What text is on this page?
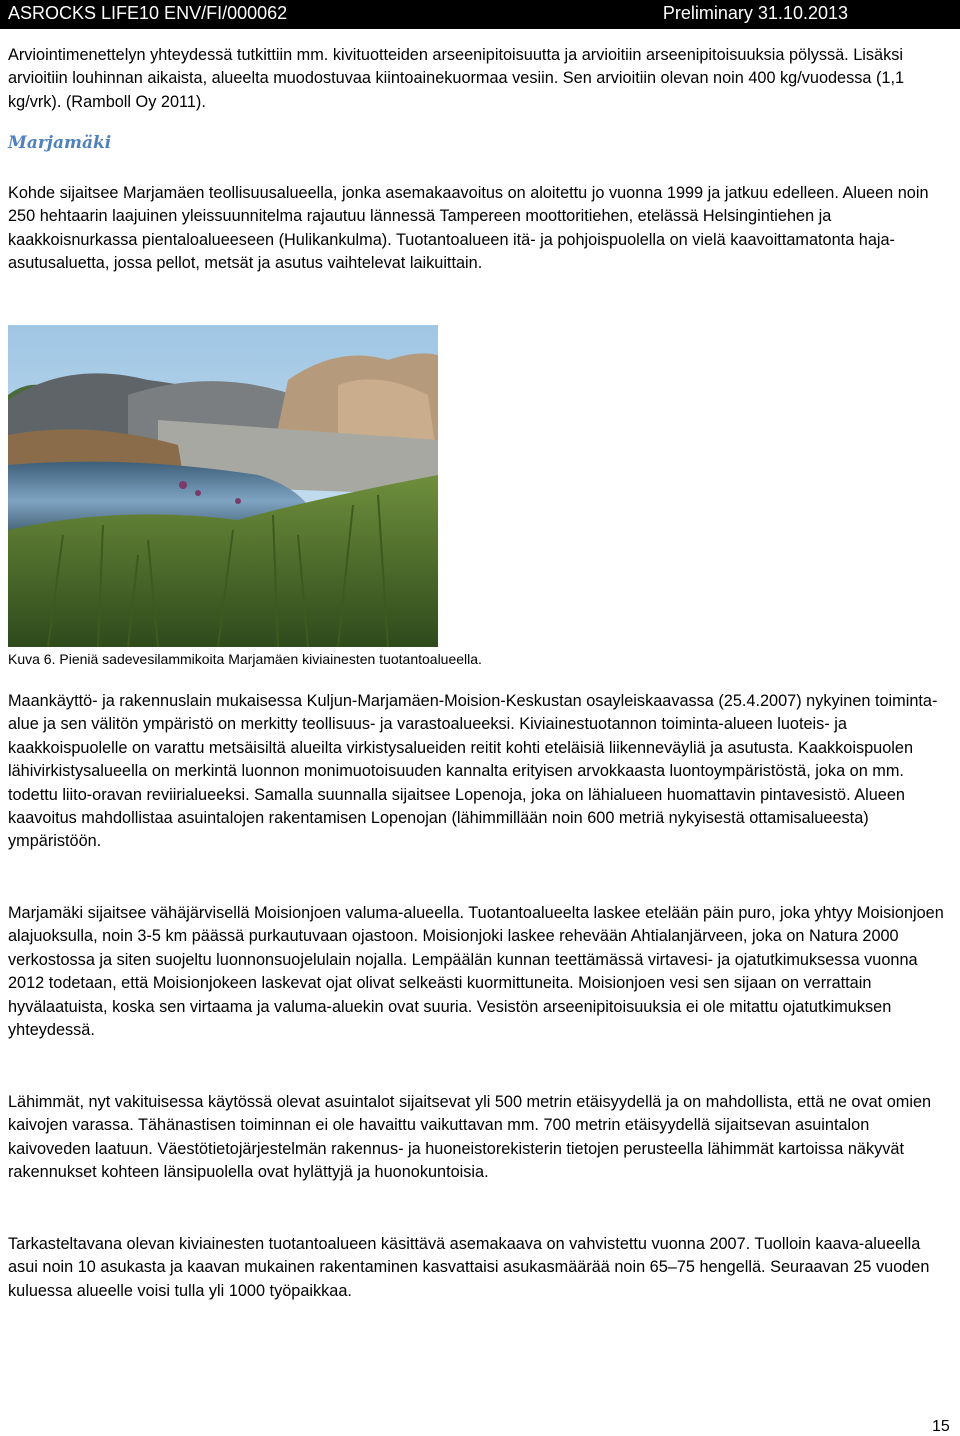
ASROCKS LIFE10 ENV/FI/000062	Preliminary 31.10.2013

Arviointimenettelyn yhteydessä tutkittiin mm. kivituotteiden arseenipitoisuutta ja arvioitiin arseenipitoisuuksia pölyssä. Lisäksi arvioitiin louhinnan aikaista, alueelta muodostuvaa kiintoainekuormaa vesiin. Sen arvioitiin olevan noin 400 kg/vuodessa (1,1 kg/vrk). (Ramboll Oy 2011).

Marjamäki

Kohde sijaitsee Marjamäen teollisuusalueella, jonka asemakaavoitus on aloitettu jo vuonna 1999 ja jatkuu edelleen. Alueen noin 250 hehtaarin laajuinen yleissuunnitelma rajautuu lännessä Tampereen moottoritiehen, etelässä Helsingintiehen ja kaakkoisnurkassa pientaloalueeseen (Hulikankulma). Tuotantoalueen itä- ja pohjoispuolella on vielä kaavoittamatonta haja-asutusaluetta, jossa pellot, metsät ja asutus vaihtelevat laikuittain.

Kuva 6. Pieniä sadevesilammikoita Marjamäen kiviainesten tuotantoalueella.

Maankäyttö- ja rakennuslain mukaisessa Kuljun-Marjamäen-Moision-Keskustan osayleiskaavassa (25.4.2007) nykyinen toiminta-alue ja sen välitön ympäristö on merkitty teollisuus- ja varastoalueeksi. Kiviainestuotannon toiminta-alueen luoteis- ja kaakkoispuolelle on varattu metsäisiltä alueilta virkistysalueiden reitit kohti eteläisiä liikenneväyliä ja asutusta. Kaakkoispuolen lähivirkistysalueella on merkintä luonnon monimuotoisuuden kannalta erityisen arvokkaasta luontoympäristöstä, joka on mm. todettu liito-oravan reviirialueeksi. Samalla suunnalla sijaitsee Lopenoja, joka on lähialueen huomattavin pintavesistö. Alueen kaavoitus mahdollistaa asuintalojen rakentamisen Lopenojan (lähimmillään noin 600 metriä nykyisestä ottamisalueesta) ympäristöön.

Marjamäki sijaitsee vähäjärvisellä Moisionjoen valuma-alueella. Tuotantoalueelta laskee etelään päin puro, joka yhtyy Moisionjoen alajuoksulla, noin 3-5 km päässä purkautuvaan ojastoon. Moisionjoki laskee rehevään Ahtialanjärveen, joka on Natura 2000 verkostossa ja siten suojeltu luonnonsuojelulain nojalla. Lempäälän kunnan teettämässä virtavesi- ja ojatutkimuksessa vuonna 2012 todetaan, että Moisionjokeen laskevat ojat olivat selkeästi kuormittuneita. Moisionjoen vesi sen sijaan on verrattain hyvälaatuista, koska sen virtaama ja valuma-aluekin ovat suuria. Vesistön arseenipitoisuuksia ei ole mitattu ojatutkimuksen yhteydessä.

Lähimmät, nyt vakituisessa käytössä olevat asuintalot sijaitsevat yli 500 metrin etäisyydellä ja on mahdollista, että ne ovat omien kaivojen varassa. Tähänastisen toiminnan ei ole havaittu vaikuttavan mm. 700 metrin etäisyydellä sijaitsevan asuintalon kaivoveden laatuun. Väestötietojärjestelmän rakennus- ja huoneistorekisterin tietojen perusteella lähimmät kartoissa näkyvät rakennukset kohteen länsipuolella ovat hylättyjä ja huonokuntoisia.

Tarkasteltavana olevan kiviainesten tuotantoalueen käsittävä asemakaava on vahvistettu vuonna 2007. Tuolloin kaava-alueella asui noin 10 asukasta ja kaavan mukainen rakentaminen kasvattaisi asukasmäärää noin 65–75 hengellä. Seuraavan 25 vuoden kuluessa alueelle voisi tulla yli 1000 työpaikkaa.

15
